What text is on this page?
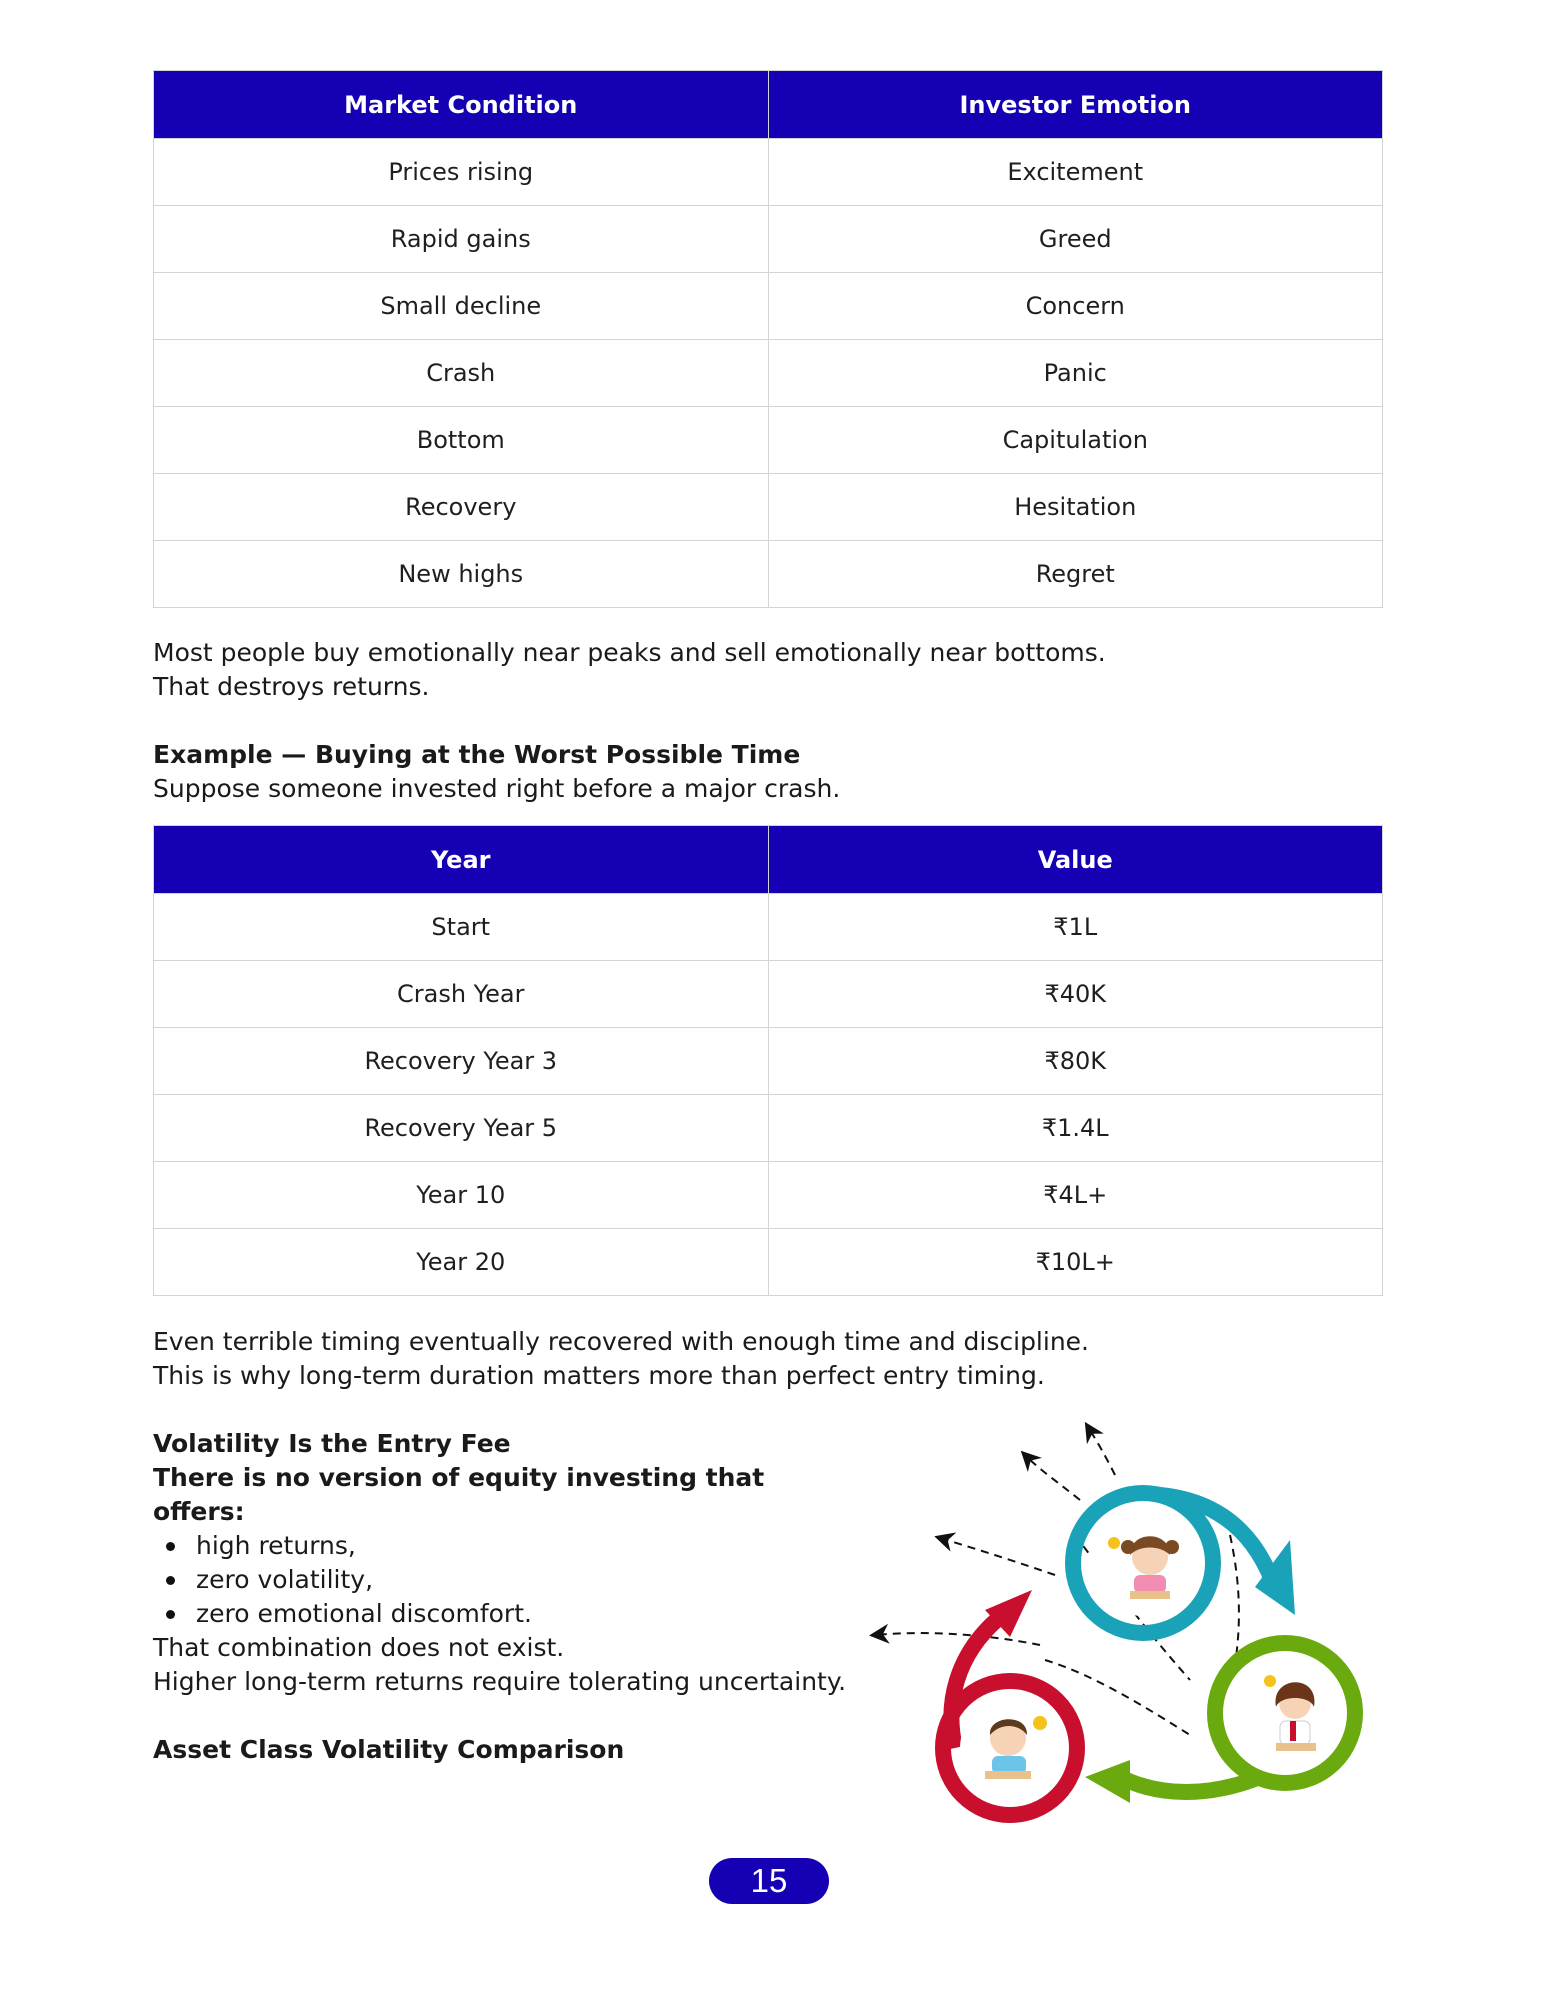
Market Condition	Investor Emotion
Prices rising	Excitement
Rapid gains	Greed
Small decline	Concern
Crash	Panic
Bottom	Capitulation
Recovery	Hesitation
New highs	Regret
Most people buy emotionally near peaks and sell emotionally near bottoms.
That destroys returns.
Example — Buying at the Worst Possible Time
Suppose someone invested right before a major crash.
Year	Value
Start	₹1L
Crash Year	₹40K
Recovery Year 3	₹80K
Recovery Year 5	₹1.4L
Year 10	₹4L+
Year 20	₹10L+
Even terrible timing eventually recovered with enough time and discipline.
This is why long-term duration matters more than perfect entry timing.
Volatility Is the Entry Fee
There is no version of equity investing that offers:
high returns,
zero volatility,
zero emotional discomfort.
That combination does not exist.
Higher long-term returns require tolerating uncertainty.
Asset Class Volatility Comparison
15
